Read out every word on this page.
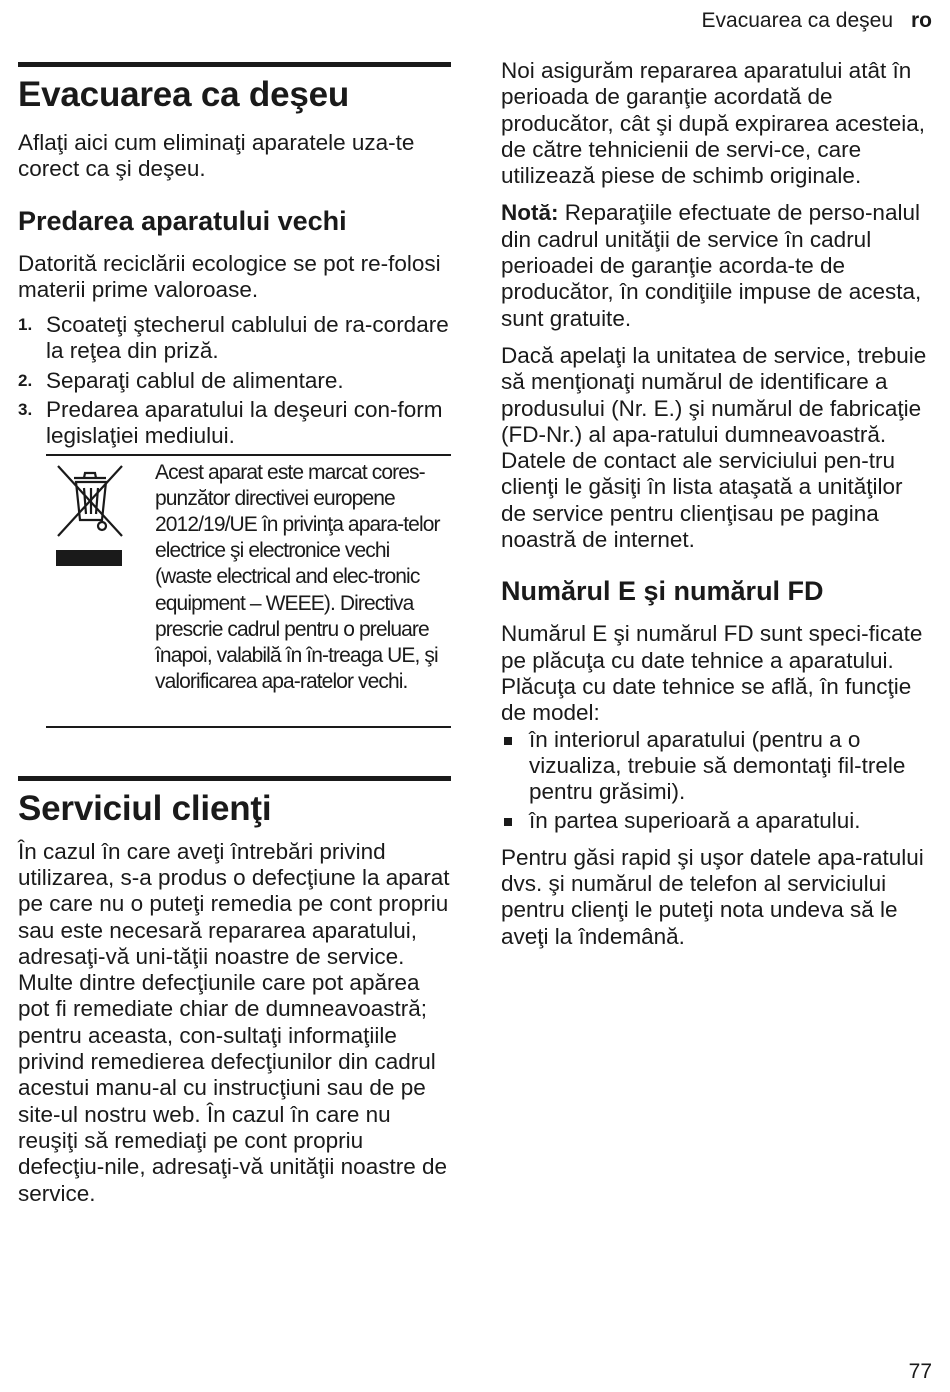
Evacuarea ca deşeu ro
Evacuarea ca deşeu

Aflaţi aici cum eliminaţi aparatele uza-te corect ca şi deşeu.

Predarea aparatului vechi

Datorită reciclării ecologice se pot re-folosi materii prime valoroase.

1. Scoateţi ştecherul cablului de ra-cordare la reţea din priză.
2. Separaţi cablul de alimentare.
3. Predarea aparatului la deşeuri con-form legislaţiei mediului.
Acest aparat este marcat cores-punzător directivei europene 2012/19/UE în privinţa apara-telor electrice şi electronice vechi (waste electrical and elec-tronic equipment – WEEE). Directiva prescrie cadrul pentru o preluare înapoi, valabilă în în-treaga UE, şi valorificarea apa-ratelor vechi.
Serviciul clienţi

În cazul în care aveţi întrebări privind utilizarea, s-a produs o defecţiune la aparat pe care nu o puteţi remedia pe cont propriu sau este necesară repararea aparatului, adresaţi-vă uni-tăţii noastre de service.

Multe dintre defecţiunile care pot apărea pot fi remediate chiar de dumneavoastră; pentru aceasta, con-sultaţi informaţiile privind remedierea defecţiunilor din cadrul acestui manu-al cu instrucţiuni sau de pe site-ul nostru web. În cazul în care nu reuşiţi să remediaţi pe cont propriu defecţiu-nile, adresaţi-vă unităţii noastre de service.

Noi asigurăm repararea aparatului atât în perioada de garanţie acordată de producător, cât şi după expirarea acesteia, de către tehnicienii de servi-ce, care utilizează piese de schimb originale.

Notă: Reparaţiile efectuate de perso-nalul din cadrul unităţii de service în cadrul perioadei de garanţie acorda-te de producător, în condiţiile impuse de acesta, sunt gratuite.

Dacă apelaţi la unitatea de service, trebuie să menţionaţi numărul de identificare a produsului (Nr. E.) şi numărul de fabricaţie (FD-Nr.) al apa-ratului dumneavoastră.

Datele de contact ale serviciului pen-tru clienţi le găsiţi în lista ataşată a unităţilor de service pentru clienţisau pe pagina noastră de internet.

Numărul E şi numărul FD

Numărul E şi numărul FD sunt speci-ficate pe plăcuţa cu date tehnice a aparatului.

Plăcuţa cu date tehnice se află, în funcţie de model:

în interiorul aparatului (pentru a o vizualiza, trebuie să demontaţi fil-trele pentru grăsimi).
în partea superioară a aparatului.

Pentru găsi rapid şi uşor datele apa-ratului dvs. şi numărul de telefon al serviciului pentru clienţi le puteţi nota undeva să le aveţi la îndemână.

77
